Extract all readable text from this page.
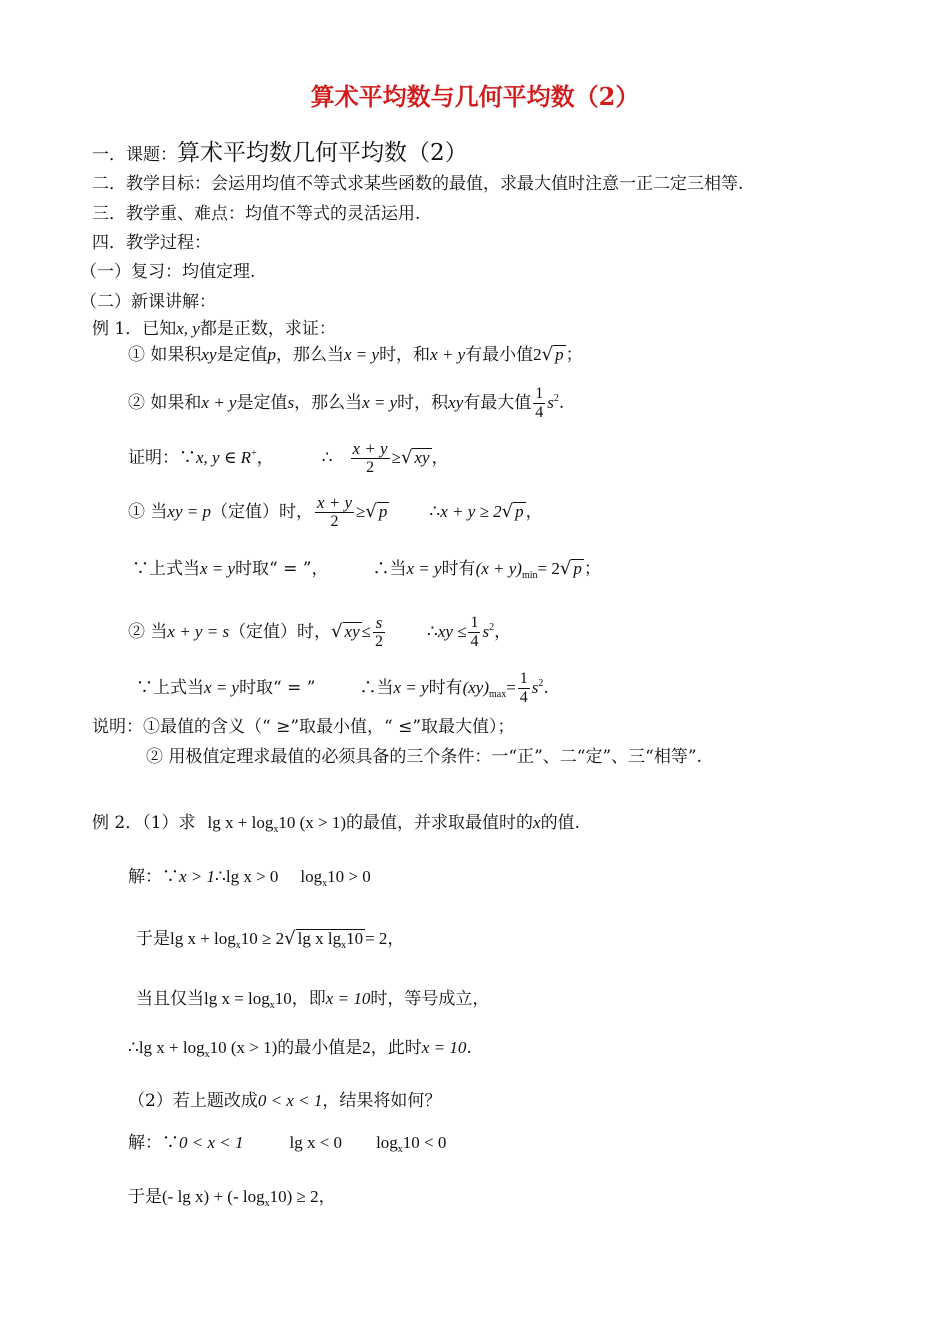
算术平均数与几何平均数（2）
一．课题：算术平均数几何平均数（2）
二．教学目标：会运用均值不等式求某些函数的最值，求最大值时注意一正二定三相等.
三．教学重、难点：均值不等式的灵活运用.
四．教学过程：
（一）复习：均值定理.
（二）新课讲解：
例 1．已知x, y都是正数，求证：
① 如果积xy是定值p，那么当x = y时，和x + y有最小值2√ p ；
② 如果和x + y是定值s，那么当x = y时，积xy有最大值 $\frac{1}{4} s^2$.
证明：∵x, y ∈ R+，	∴ $\frac{x + y}{2}$ ≥√ xy ，
① 当xy = p（定值）时， $\frac{x + y}{2}$ ≥√ p ∴x + y ≥ 2√ p ，
∵上式当x = y时取“ = ”，	∴当x = y时有$(x + y)_{min}= 2√$ p ；
② 当x + y = s（定值）时，√ xy ≤ $\frac{s}{2}$ ∴xy ≤ $\frac{1}{4} s^2$，
∵上式当x = y时取“ = ”	∴当x = y时有$(xy)_{max}= \frac{1}{4} s^2$.
说明：①最值的含义（“ ≥”取最小值，“ ≤”取最大值）；
② 用极值定理求最值的必须具备的三个条件：一“正”、二“定”、三“相等”.
例 2．（1）求 $\lg x + \log_x10$ (x > 1)的最值，并求取最值时的x的值.
解：∵x > 1∴lg x > 0 $\log_x10 > 0$
于是$\lg x + \log_x10 \ge 2√$ lg x $\lg_x10 = 2$，
当且仅当$\lg x = \log_x10$，即x = 10时，等号成立，
∴lg $x + \log_x10$ (x > 1)的最小值是2，此时x = 10.
（2）若上题改成0 < x < 1，结果将如何？
解：∵0 < x < 1	lg x < 0 $\log_x10 < 0$
于是(- lg x) + (- $\log_x10) \ge 2$，
